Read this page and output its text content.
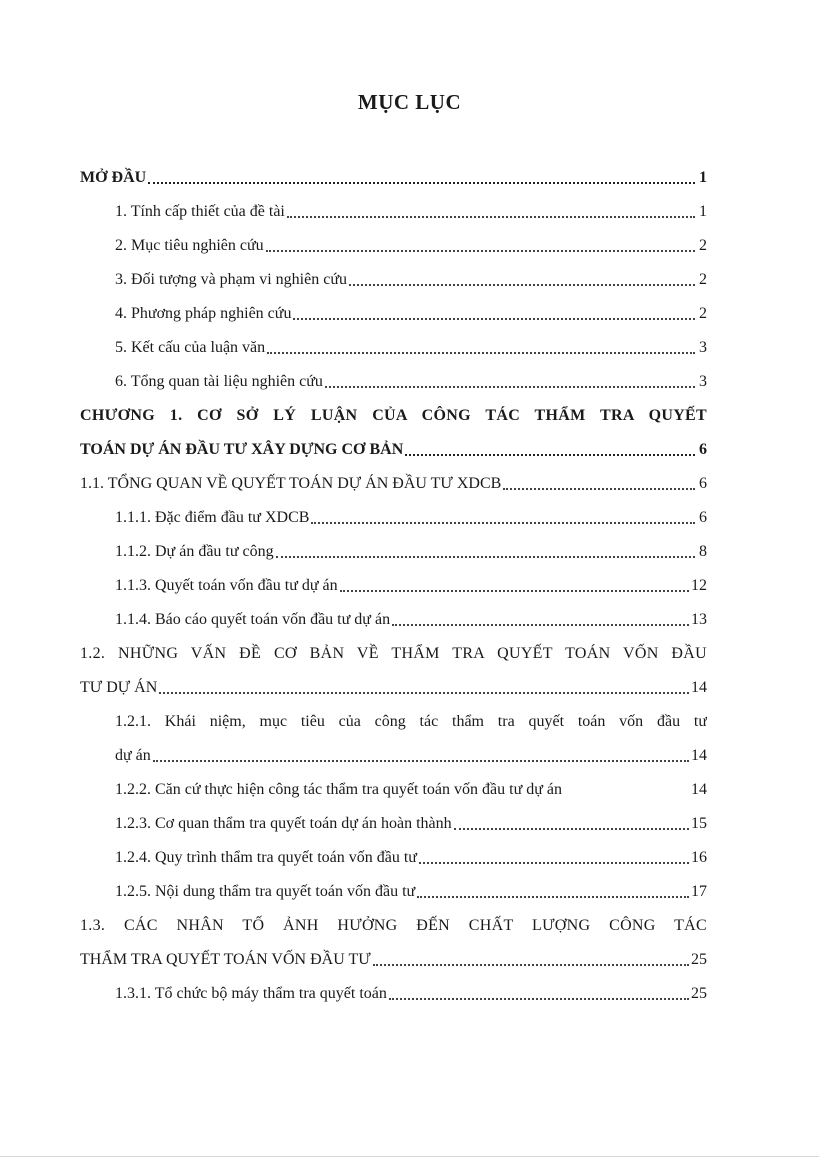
MỤC LỤC
MỞ ĐẦU	1
1. Tính cấp thiết của đề tài	1
2. Mục tiêu nghiên cứu	2
3. Đối tượng và phạm vi nghiên cứu	2
4. Phương pháp nghiên cứu	2
5. Kết cấu của luận văn	3
6. Tổng quan tài liệu nghiên cứu	3
CHƯƠNG 1. CƠ SỞ LÝ LUẬN CỦA CÔNG TÁC THẨM TRA QUYẾT
TOÁN DỰ ÁN ĐẦU TƯ XÂY DỰNG CƠ BẢN	6
1.1. TỔNG QUAN VỀ QUYẾT TOÁN DỰ ÁN ĐẦU TƯ XDCB	6
1.1.1. Đặc điểm đầu tư XDCB	6
1.1.2. Dự án đầu tư công	8
1.1.3. Quyết toán vốn đầu tư dự án	12
1.1.4. Báo cáo quyết toán vốn đầu tư dự án	13
1.2. NHỮNG VẤN ĐỀ CƠ BẢN VỀ THẨM TRA QUYẾT TOÁN VỐN ĐẦU
TƯ DỰ ÁN	14
1.2.1. Khái niệm, mục tiêu của công tác thẩm tra quyết toán vốn đầu tư
dự án	14
1.2.2. Căn cứ thực hiện công tác thẩm tra quyết toán vốn đầu tư dự án	14
1.2.3. Cơ quan thẩm tra quyết toán dự án hoàn thành	15
1.2.4. Quy trình thẩm tra quyết toán vốn đầu tư	16
1.2.5. Nội dung thẩm tra quyết toán vốn đầu tư	17
1.3. CÁC NHÂN TỐ ẢNH HƯỞNG ĐẾN CHẤT LƯỢNG CÔNG TÁC
THẨM TRA QUYẾT TOÁN VỐN ĐẦU TƯ	25
1.3.1. Tổ chức bộ máy thẩm tra quyết toán	25
